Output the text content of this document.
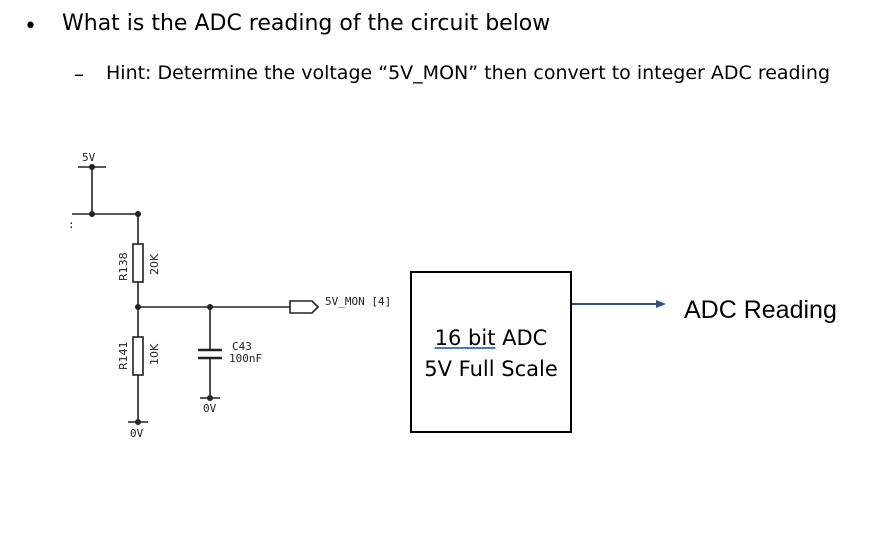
• What is the ADC reading of the circuit below
– Hint: Determine the voltage “5V_MON” then convert to integer ADC reading
:
5V
R138 20K
R141 10K	C43
100nF
0V
0V
5V_MON [4]
16 bit ADC
5V Full Scale
ADC Reading
